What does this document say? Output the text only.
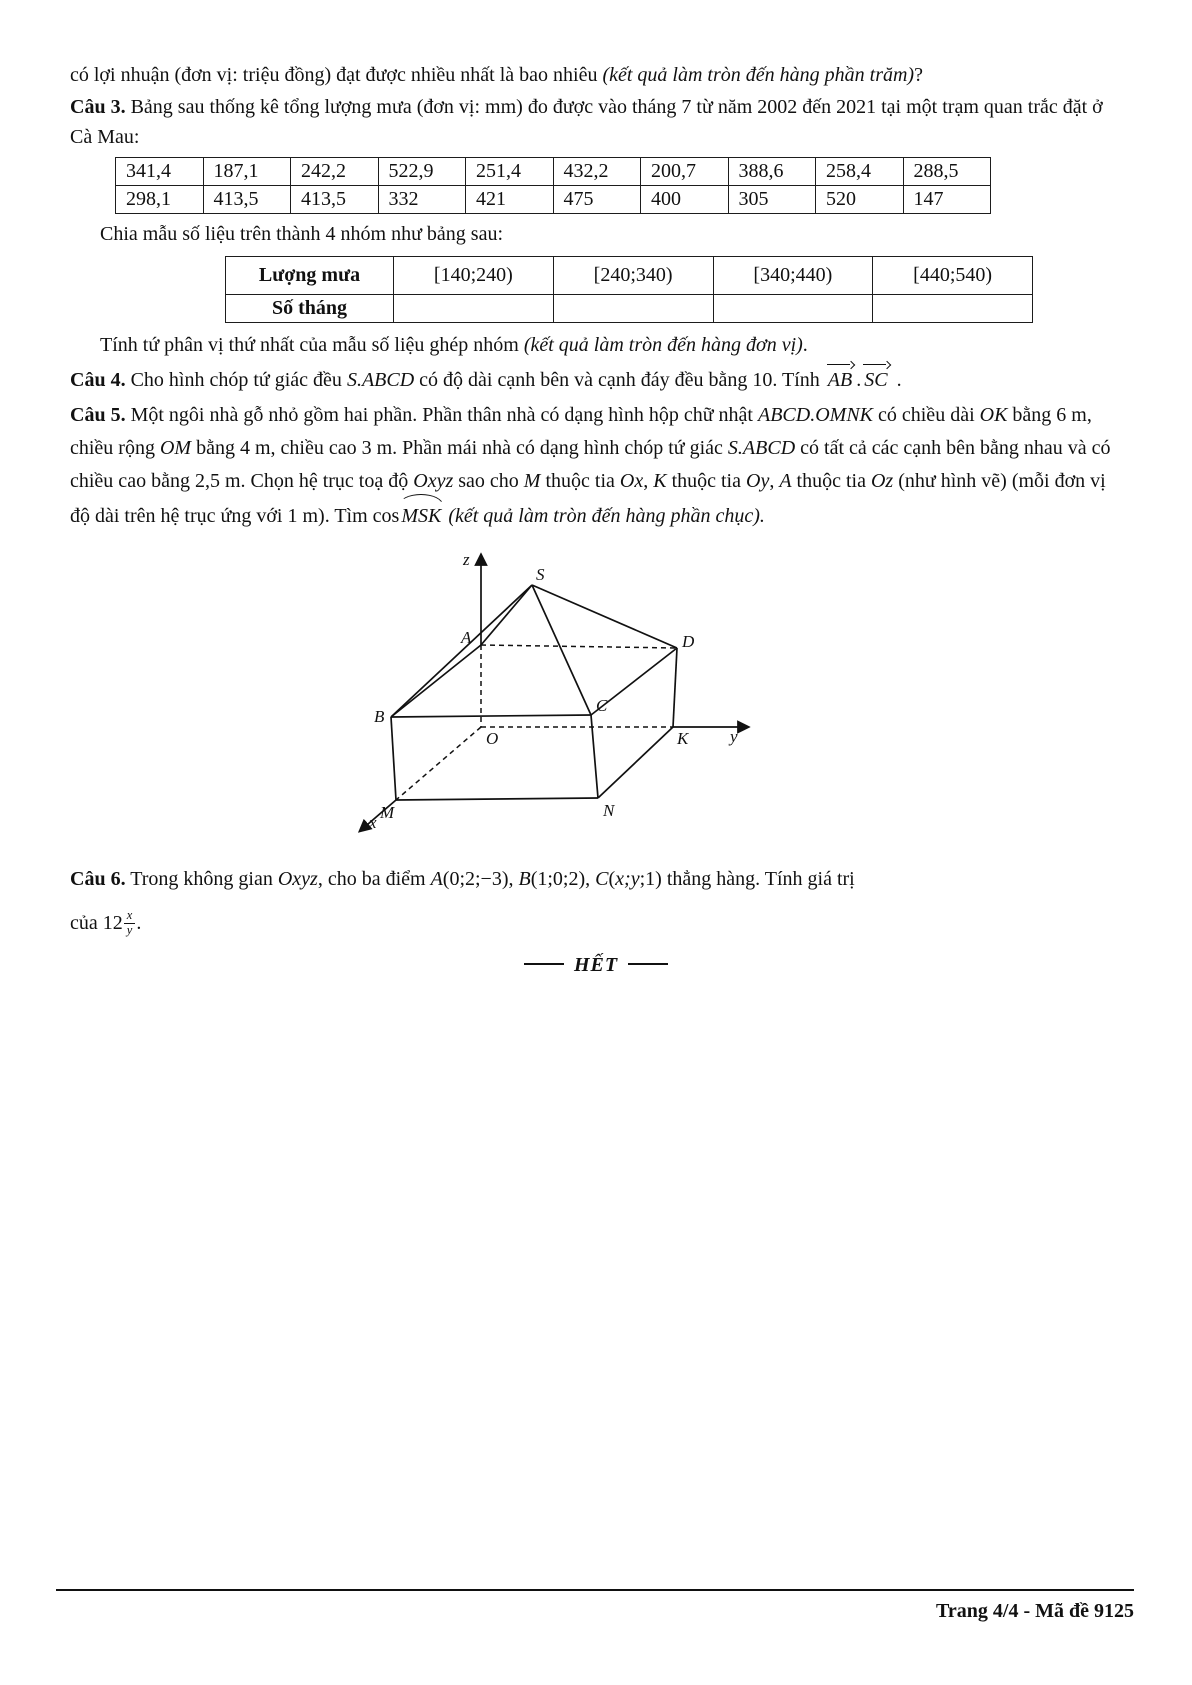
có lợi nhuận (đơn vị: triệu đồng) đạt được nhiều nhất là bao nhiêu (kết quả làm tròn đến hàng phần trăm)?

Câu 3. Bảng sau thống kê tổng lượng mưa (đơn vị: mm) đo được vào tháng 7 từ năm 2002 đến 2021 tại một trạm quan trắc đặt ở Cà Mau:

341,4	187,1	242,2	522,9	251,4	432,2	200,7	388,6	258,4	288,5
298,1	413,5	413,5	332	421	475	400	305	520	147

Chia mẫu số liệu trên thành 4 nhóm như bảng sau:

Lượng mưa	[140;240)	[240;340)	[340;440)	[440;540)
Số tháng				

Tính tứ phân vị thứ nhất của mẫu số liệu ghép nhóm (kết quả làm tròn đến hàng đơn vị).

Câu 4. Cho hình chóp tứ giác đều S.ABCD có độ dài cạnh bên và cạnh đáy đều bằng 10. Tính AB . SC .

Câu 5. Một ngôi nhà gỗ nhỏ gồm hai phần. Phần thân nhà có dạng hình hộp chữ nhật ABCD.OMNK có chiều dài OK bằng 6 m, chiều rộng OM bằng 4 m, chiều cao 3 m. Phần mái nhà có dạng hình chóp tứ giác S.ABCD có tất cả các cạnh bên bằng nhau và có chiều cao bằng 2,5 m. Chọn hệ trục toạ độ Oxyz sao cho M thuộc tia Ox, K thuộc tia Oy, A thuộc tia Oz (như hình vẽ) (mỗi đơn vị độ dài trên hệ trục ứng với 1 m). Tìm cos MSK (kết quả làm tròn đến hàng phần chục).

z
S
A	D
B
C
O	K y
M	N
x

Câu 6. Trong không gian Oxyz, cho ba điểm A(0;2;−3), B(1;0;2), C(x;y;1) thẳng hàng. Tính giá trị

của $12 \frac{x}{y}$ .

HẾT
Trang 4/4 - Mã đề 9125
